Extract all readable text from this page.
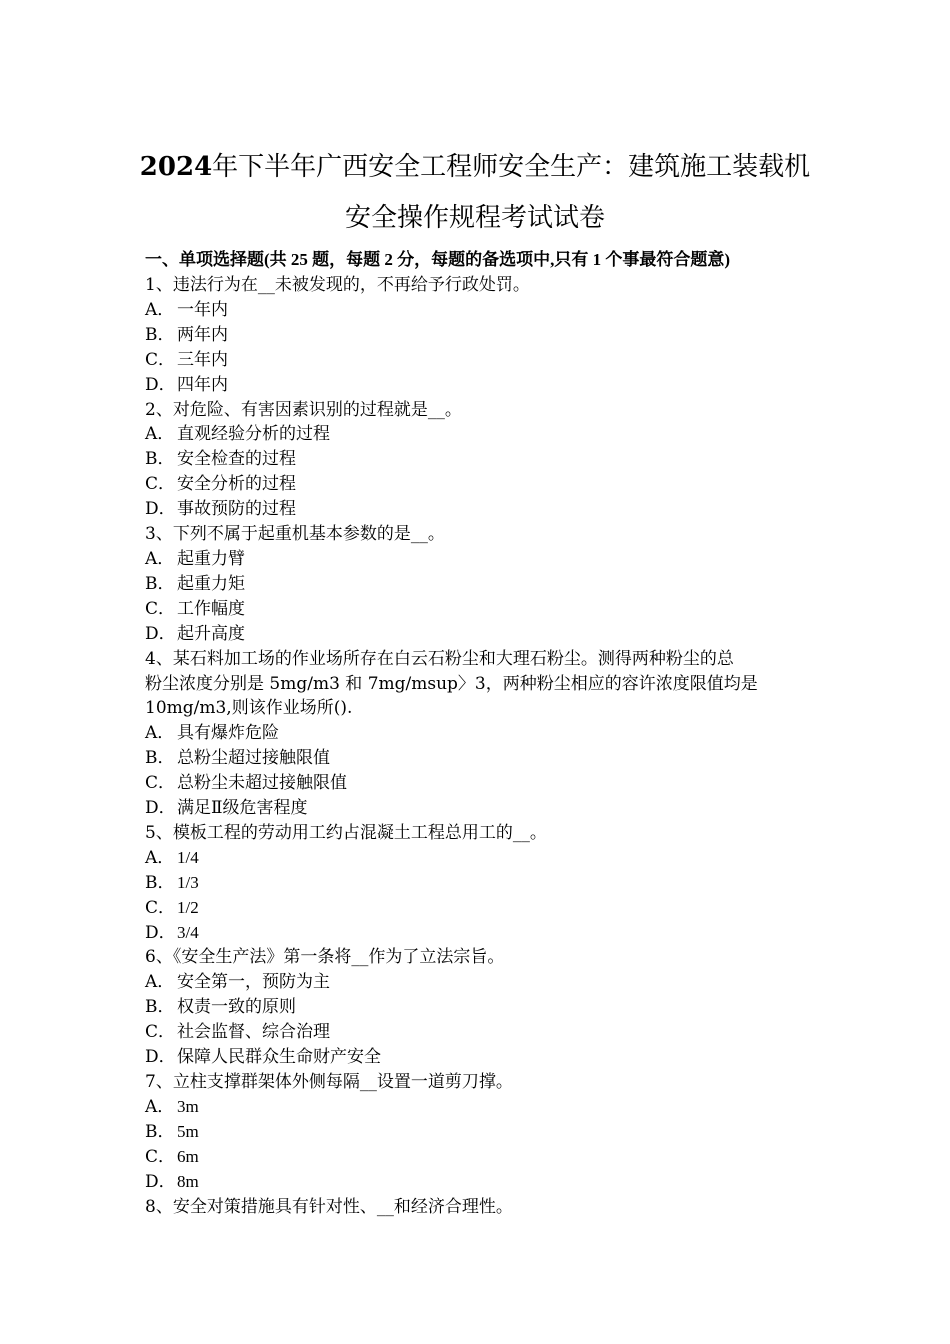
2024年下半年广西安全工程师安全生产：建筑施工装载机
安全操作规程考试试卷
一、单项选择题(共 25 题，每题 2 分，每题的备选项中,只有 1 个事最符合题意)
1、违法行为在__未被发现的，不再给予行政处罚。
A． 一年内
B． 两年内
C． 三年内
D．四年内
2、对危险、有害因素识别的过程就是__。
A． 直观经验分析的过程
B． 安全检查的过程
C． 安全分析的过程
D．事故预防的过程
3、下列不属于起重机基本参数的是__。
A． 起重力臂
B． 起重力矩
C． 工作幅度
D．起升高度
4、某石料加工场的作业场所存在白云石粉尘和大理石粉尘。测得两种粉尘的总
粉尘浓度分别是 5mg/m3 和 7mg/msup〉3，两种粉尘相应的容许浓度限值均是
10mg/m3,则该作业场所().
A． 具有爆炸危险
B． 总粉尘超过接触限值
C． 总粉尘未超过接触限值
D．满足Ⅱ级危害程度
5、模板工程的劳动用工约占混凝土工程总用工的__。
A． 1/4
B． 1/3
C． 1/2
D．3/4
6、《安全生产法》第一条将__作为了立法宗旨。
A． 安全第一，预防为主
B． 权责一致的原则
C． 社会监督、综合治理
D．保障人民群众生命财产安全
7、立柱支撑群架体外侧每隔__设置一道剪刀撑。
A． 3m
B． 5m
C． 6m
D．8m
8、安全对策措施具有针对性、__和经济合理性。
